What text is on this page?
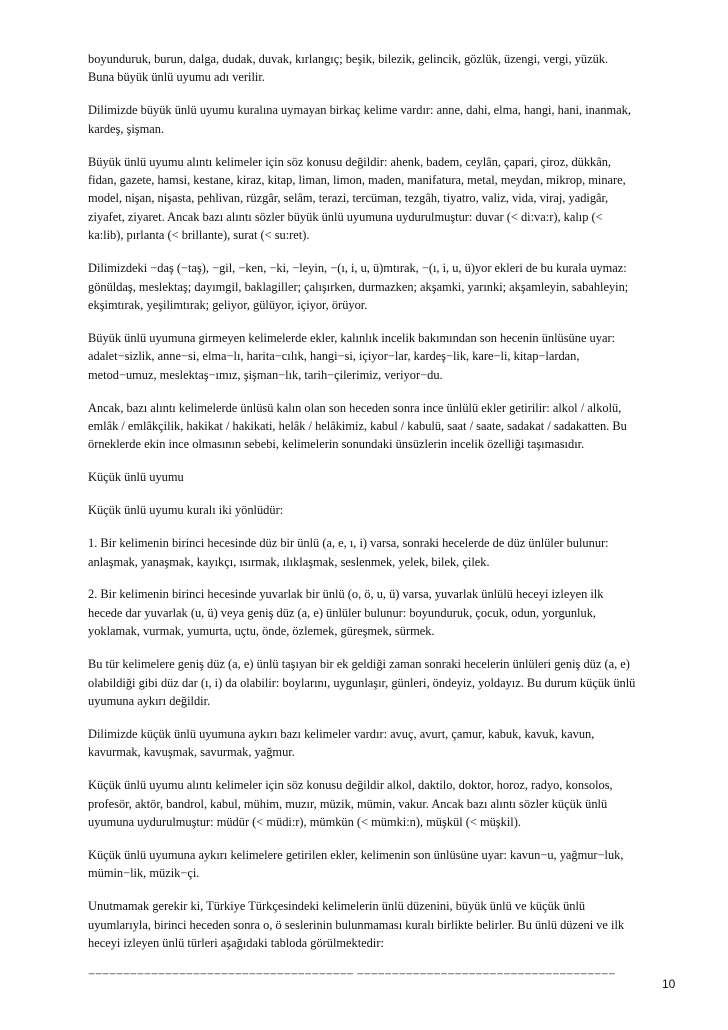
boyunduruk, burun, dalga, dudak, duvak, kırlangıç; beşik, bilezik, gelincik, gözlük, üzengi, vergi, yüzük.
Buna büyük ünlü uyumu adı verilir.
Dilimizde büyük ünlü uyumu kuralına uymayan birkaç kelime vardır: anne, dahi, elma, hangi, hani, inanmak,
kardeş, şişman.
Büyük ünlü uyumu alıntı kelimeler için söz konusu değildir: ahenk, badem, ceylân, çapari, çiroz, dükkân,
fidan, gazete, hamsi, kestane, kiraz, kitap, liman, limon, maden, manifatura, metal, meydan, mikrop, minare,
model, nişan, nişasta, pehlivan, rüzgâr, selâm, terazi, tercüman, tezgâh, tiyatro, valiz, vida, viraj, yadigâr,
ziyafet, ziyaret. Ancak bazı alıntı sözler büyük ünlü uyumuna uydurulmuştur: duvar (< di:va:r), kalıp (<
ka:lib), pırlanta (< brillante), surat (< su:ret).
Dilimizdeki −daş (−taş), −gil, −ken, −ki, −leyin, −(ı, i, u, ü)mtırak, −(ı, i, u, ü)yor ekleri de bu kurala uymaz:
gönüldaş, meslektaş; dayımgil, baklagiller; çalışırken, durmazken; akşamki, yarınki; akşamleyin, sabahleyin;
ekşimtırak, yeşilimtırak; geliyor, gülüyor, içiyor, örüyor.
Büyük ünlü uyumuna girmeyen kelimelerde ekler, kalınlık incelik bakımından son hecenin ünlüsüne uyar:
adalet−sizlik, anne−si, elma−lı, harita−cılık, hangi−si, içiyor−lar, kardeş−lik, kare−li, kitap−lardan,
metod−umuz, meslektaş−ımız, şişman−lık, tarih−çilerimiz, veriyor−du.
Ancak, bazı alıntı kelimelerde ünlüsü kalın olan son heceden sonra ince ünlülü ekler getirilir: alkol / alkolü,
emlâk / emlâkçilik, hakikat / hakikati, helâk / helâkimiz, kabul / kabulü, saat / saate, sadakat / sadakatten. Bu
örneklerde ekin ince olmasının sebebi, kelimelerin sonundaki ünsüzlerin incelik özelliği taşımasıdır.
Küçük ünlü uyumu
Küçük ünlü uyumu kuralı iki yönlüdür:
1. Bir kelimenin birinci hecesinde düz bir ünlü (a, e, ı, i) varsa, sonraki hecelerde de düz ünlüler bulunur:
anlaşmak, yanaşmak, kayıkçı, ısırmak, ılıklaşmak, seslenmek, yelek, bilek, çilek.
2. Bir kelimenin birinci hecesinde yuvarlak bir ünlü (o, ö, u, ü) varsa, yuvarlak ünlülü heceyi izleyen ilk
hecede dar yuvarlak (u, ü) veya geniş düz (a, e) ünlüler bulunur: boyunduruk, çocuk, odun, yorgunluk,
yoklamak, vurmak, yumurta, uçtu, önde, özlemek, güreşmek, sürmek.
Bu tür kelimelere geniş düz (a, e) ünlü taşıyan bir ek geldiği zaman sonraki hecelerin ünlüleri geniş düz (a, e)
olabildiği gibi düz dar (ı, i) da olabilir: boylarını, uygunlaşır, günleri, öndeyiz, yoldayız. Bu durum küçük ünlü
uyumuna aykırı değildir.
Dilimizde küçük ünlü uyumuna aykırı bazı kelimeler vardır: avuç, avurt, çamur, kabuk, kavuk, kavun,
kavurmak, kavuşmak, savurmak, yağmur.
Küçük ünlü uyumu alıntı kelimeler için söz konusu değildir alkol, daktilo, doktor, horoz, radyo, konsolos,
profesör, aktör, bandrol, kabul, mühim, muzır, müzik, mümin, vakur. Ancak bazı alıntı sözler küçük ünlü
uyumuna uydurulmuştur: müdür (< müdi:r), mümkün (< mümki:n), müşkül (< müşkil).
Küçük ünlü uyumuna aykırı kelimelere getirilen ekler, kelimenin son ünlüsüne uyar: kavun−u, yağmur−luk,
mümin−lik, müzik−çi.
Unutmamak gerekir ki, Türkiye Türkçesindeki kelimelerin ünlü düzenini, büyük ünlü ve küçük ünlü
uyumlarıyla, birinci heceden sonra o, ö seslerinin bulunmaması kuralı birlikte belirler. Bu ünlü düzeni ve ilk
heceyi izleyen ünlü türleri aşağıdaki tabloda görülmektedir:
−−−−−−−−−−−−−−−−−−−−−−−−−−−−−−−−−−−−−− −−−−−−−−−−−−−−−−−−−−−−−−−−−−−−−−−−−−−
10
